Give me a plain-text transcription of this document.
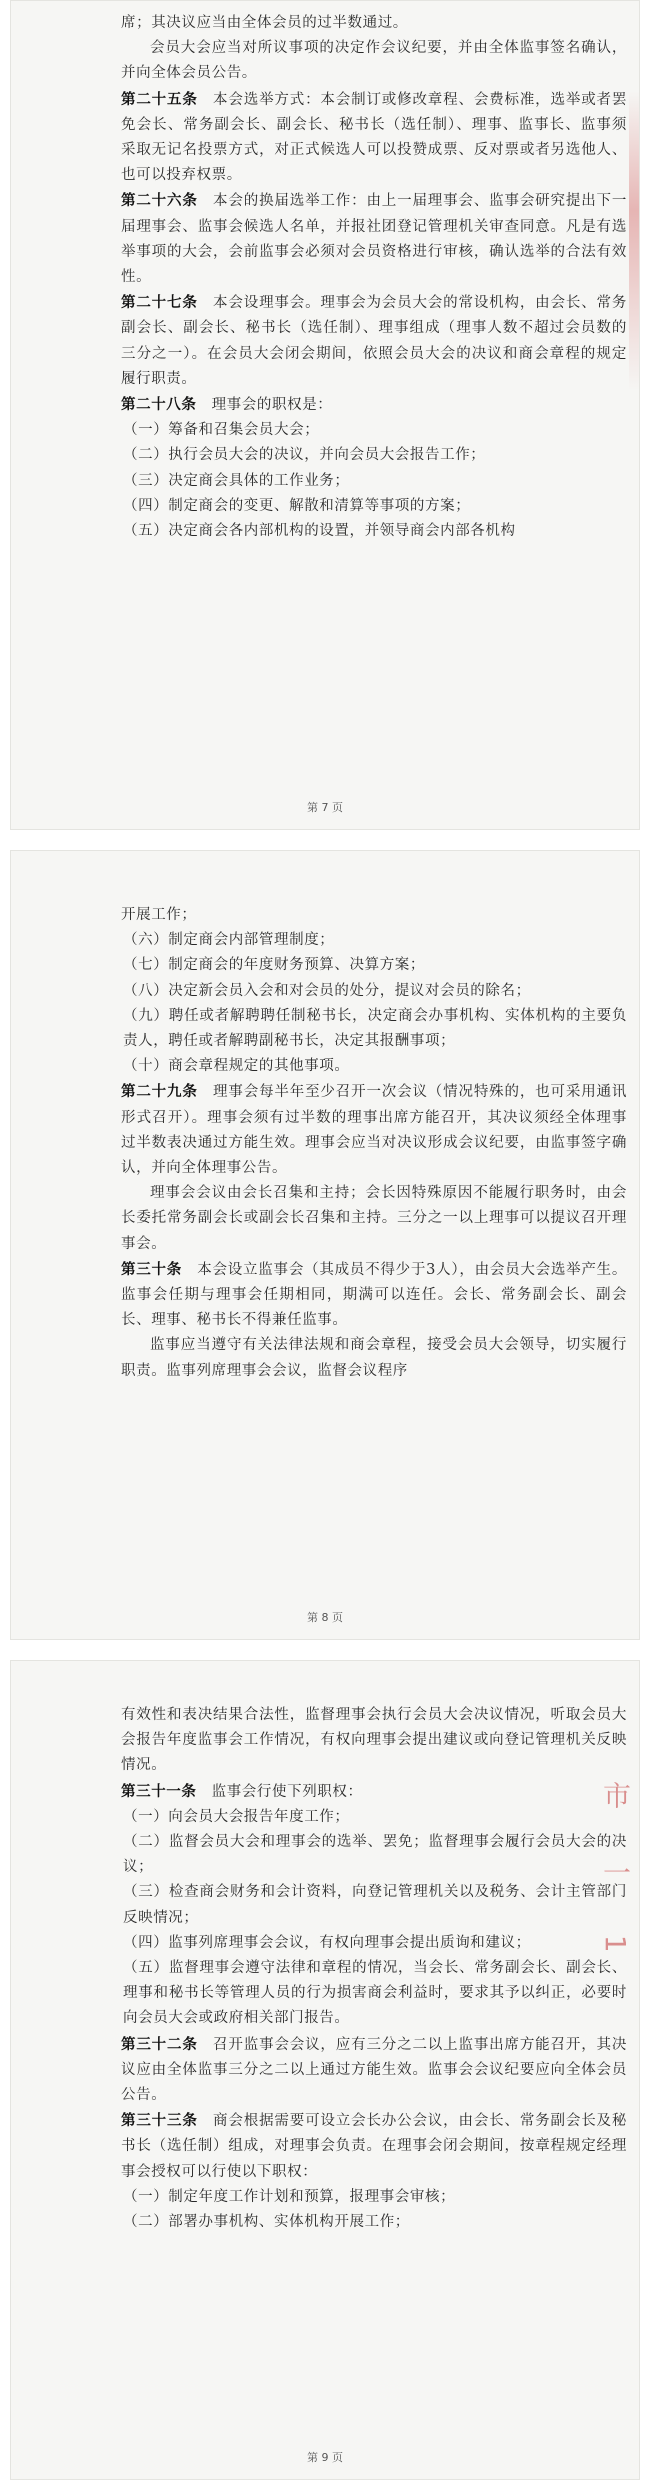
席；其决议应当由全体会员的过半数通过。

会员大会应当对所议事项的决定作会议纪要，并由全体监事签名确认，并向全体会员公告。

第二十五条　本会选举方式：本会制订或修改章程、会费标准，选举或者罢免会长、常务副会长、副会长、秘书长（选任制）、理事、监事长、监事须采取无记名投票方式，对正式候选人可以投赞成票、反对票或者另选他人、也可以投弃权票。

第二十六条　本会的换届选举工作：由上一届理事会、监事会研究提出下一届理事会、监事会候选人名单，并报社团登记管理机关审查同意。凡是有选举事项的大会，会前监事会必须对会员资格进行审核，确认选举的合法有效性。

第二十七条　本会设理事会。理事会为会员大会的常设机构，由会长、常务副会长、副会长、秘书长（选任制）、理事组成（理事人数不超过会员数的三分之一）。在会员大会闭会期间，依照会员大会的决议和商会章程的规定履行职责。

第二十八条　理事会的职权是：

（一）筹备和召集会员大会；

（二）执行会员大会的决议，并向会员大会报告工作；

（三）决定商会具体的工作业务；

（四）制定商会的变更、解散和清算等事项的方案；

（五）决定商会各内部机构的设置，并领导商会内部各机构

第 7 页

开展工作；

（六）制定商会内部管理制度；

（七）制定商会的年度财务预算、决算方案；

（八）决定新会员入会和对会员的处分，提议对会员的除名；

（九）聘任或者解聘聘任制秘书长，决定商会办事机构、实体机构的主要负责人，聘任或者解聘副秘书长，决定其报酬事项；

（十）商会章程规定的其他事项。

第二十九条　理事会每半年至少召开一次会议（情况特殊的，也可采用通讯形式召开）。理事会须有过半数的理事出席方能召开，其决议须经全体理事过半数表决通过方能生效。理事会应当对决议形成会议纪要，由监事签字确认，并向全体理事公告。

理事会会议由会长召集和主持；会长因特殊原因不能履行职务时，由会长委托常务副会长或副会长召集和主持。三分之一以上理事可以提议召开理事会。

第三十条　本会设立监事会（其成员不得少于3人），由会员大会选举产生。监事会任期与理事会任期相同，期满可以连任。会长、常务副会长、副会长、理事、秘书长不得兼任监事。

监事应当遵守有关法律法规和商会章程，接受会员大会领导，切实履行职责。监事列席理事会会议，监督会议程序

第 8 页

有效性和表决结果合法性，监督理事会执行会员大会决议情况，听取会员大会报告年度监事会工作情况，有权向理事会提出建议或向登记管理机关反映情况。

第三十一条　监事会行使下列职权：

（一）向会员大会报告年度工作；

（二）监督会员大会和理事会的选举、罢免；监督理事会履行会员大会的决议；

（三）检查商会财务和会计资料，向登记管理机关以及税务、会计主管部门反映情况；

（四）监事列席理事会会议，有权向理事会提出质询和建议；

（五）监督理事会遵守法律和章程的情况，当会长、常务副会长、副会长、理事和秘书长等管理人员的行为损害商会利益时，要求其予以纠正，必要时向会员大会或政府相关部门报告。

第三十二条　召开监事会会议，应有三分之二以上监事出席方能召开，其决议应由全体监事三分之二以上通过方能生效。监事会会议纪要应向全体会员公告。

第三十三条　商会根据需要可设立会长办公会议，由会长、常务副会长及秘书长（选任制）组成，对理事会负责。在理事会闭会期间，按章程规定经理事会授权可以行使以下职权：

（一）制定年度工作计划和预算，报理事会审核；

（二）部署办事机构、实体机构开展工作；

市 一 1
第 9 页
